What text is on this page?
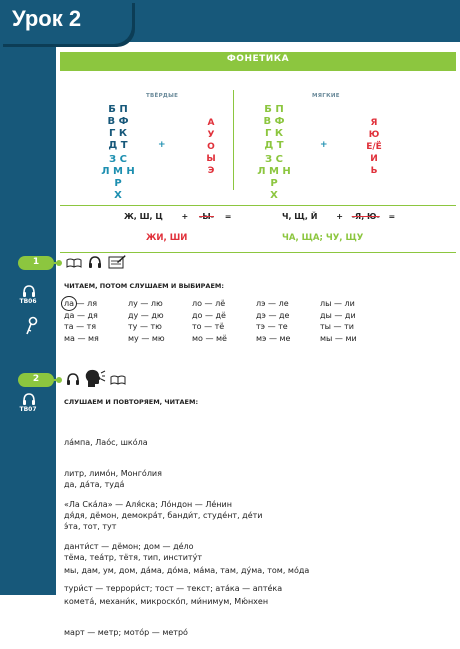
Урок 2
ФОНЕТИКА
ТВЁРДЫЕ
Б П
В Ф
Г К
Д Т
З С
Л М Н Р
Х
+
А
У
О
Ы
Э
МЯГКИЕ
Б П
В Ф
Г К
Д Т
З С
Л М Н Р
Х
+
Я
Ю
Е/Ё
И
Ь
Ж, Ш, Ц + -Ы- =
ЖИ, ШИ
Ч, Щ, Й + -Я, Ю- =
ЧА, ЩА; ЧУ, ЩУ
1
TB06
ЧИТАЕМ, ПОТОМ СЛУШАЕМ И ВЫБИРАЕМ:
ла — ля	лу — лю	ло — лё	лэ — ле	лы — ли
да — дя	ду — дю	до — дё	дэ — де	ды — ди
та — тя	ту — тю	то — тё	тэ — те	ты — ти
ма — мя	му — мю	мо — мё	мэ — ме	мы — ми
2
TB07
СЛУШАЕМ И ПОВТОРЯЕМ, ЧИТАЕМ:

ла́мпа, Лао́с, шко́ла

литр, лимо́н, Монго́лия

«Ла Ска́ла» — Аля́ска; Ло́ндон — Ле́нин

да, да́та, туда́

дя́дя, дёмон, демокра́т, банди́т, студе́нт, де́ти

данти́ст — дёмон; дом — де́ло

э́та, тот, тут

тёма, теа́тр, тётя, тип, институ́т

тури́ст — террори́ст; тост — текст; ата́ка — апте́ка

мы, дам, ум, дом, да́ма, до́ма, ма́ма, там, ду́ма, том, мо́да

комета́, механи́к, микроско́п, ми́нимум, Мю́нхен

март — метр; мото́р — метро́
